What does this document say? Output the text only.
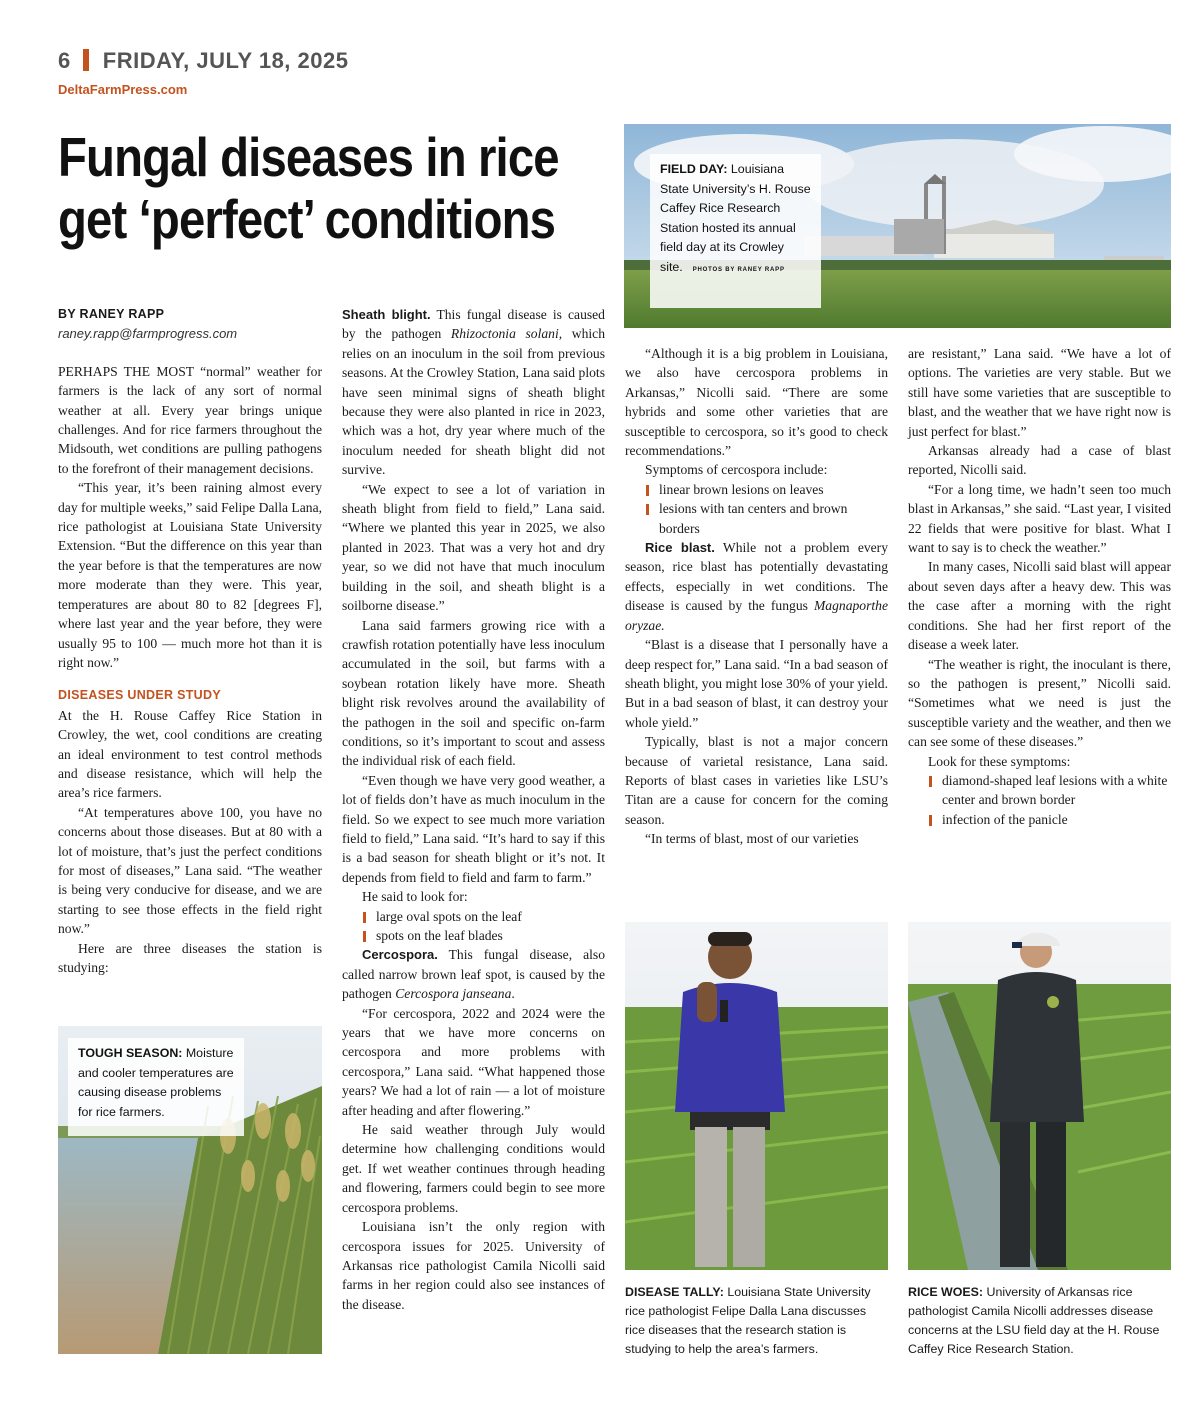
6 FRIDAY, JULY 18, 2025
DeltaFarmPress.com
Fungal diseases in rice
get ‘perfect’ conditions
FIELD DAY: Louisiana State University’s H. Rouse Caffey Rice Research Station hosted its annual field day at its Crowley site. PHOTOS BY RANEY RAPP
BY RANEY RAPP
raney.rapp@farmprogress.com

PERHAPS THE MOST “normal” weather for farmers is the lack of any sort of normal weather at all. Every year brings unique challenges. And for rice farmers throughout the Midsouth, wet conditions are pulling pathogens to the forefront of their management decisions.

“This year, it’s been raining almost every day for multiple weeks,” said Felipe Dalla Lana, rice pathologist at Louisiana State University Extension. “But the difference on this year than the year before is that the temperatures are now more moderate than they were. This year, temperatures are about 80 to 82 [degrees F], where last year and the year before, they were usually 95 to 100 — much more hot than it is right now.”

DISEASES UNDER STUDY

At the H. Rouse Caffey Rice Station in Crowley, the wet, cool conditions are creating an ideal environment to test control methods and disease resistance, which will help the area’s rice farmers.

“At temperatures above 100, you have no concerns about those diseases. But at 80 with a lot of moisture, that’s just the perfect conditions for most of diseases,” Lana said. “The weather is being very conducive for disease, and we are starting to see those effects in the field right now.”

Here are three diseases the station is studying:

TOUGH SEASON: Moisture and cooler temperatures are causing disease problems for rice farmers.

Sheath blight. This fungal disease is caused by the pathogen Rhizoctonia solani, which relies on an inoculum in the soil from previous seasons. At the Crowley Station, Lana said plots have seen minimal signs of sheath blight because they were also planted in rice in 2023, which was a hot, dry year where much of the inoculum needed for sheath blight did not survive.

“We expect to see a lot of variation in sheath blight from field to field,” Lana said. “Where we planted this year in 2025, we also planted in 2023. That was a very hot and dry year, so we did not have that much inoculum building in the soil, and sheath blight is a soilborne disease.”

Lana said farmers growing rice with a crawfish rotation potentially have less inoculum accumulated in the soil, but farms with a soybean rotation likely have more. Sheath blight risk revolves around the availability of the pathogen in the soil and specific on-farm conditions, so it’s important to scout and assess the individual risk of each field.

“Even though we have very good weather, a lot of fields don’t have as much inoculum in the field. So we expect to see much more variation field to field,” Lana said. “It’s hard to say if this is a bad season for sheath blight or it’s not. It depends from field to field and farm to farm.”

He said to look for:

large oval spots on the leaf

spots on the leaf blades

Cercospora. This fungal disease, also called narrow brown leaf spot, is caused by the pathogen Cercospora janseana.

“For cercospora, 2022 and 2024 were the years that we have more concerns on cercospora and more problems with cercospora,” Lana said. “What happened those years? We had a lot of rain — a lot of moisture after heading and after flowering.”

He said weather through July would determine how challenging conditions would get. If wet weather continues through heading and flowering, farmers could begin to see more cercospora problems.

Louisiana isn’t the only region with cercospora issues for 2025. University of Arkansas rice pathologist Camila Nicolli said farms in her region could also see instances of the disease.

“Although it is a big problem in Louisiana, we also have cercospora problems in Arkansas,” Nicolli said. “There are some hybrids and some other varieties that are susceptible to cercospora, so it’s good to check recommendations.”

Symptoms of cercospora include:

linear brown lesions on leaves

lesions with tan centers and brown borders

Rice blast. While not a problem every season, rice blast has potentially devastating effects, especially in wet conditions. The disease is caused by the fungus Magnaporthe oryzae.

“Blast is a disease that I personally have a deep respect for,” Lana said. “In a bad season of sheath blight, you might lose 30% of your yield. But in a bad season of blast, it can destroy your whole yield.”

Typically, blast is not a major concern because of varietal resistance, Lana said. Reports of blast cases in varieties like LSU’s Titan are a cause for concern for the coming season.

“In terms of blast, most of our varieties

are resistant,” Lana said. “We have a lot of options. The varieties are very stable. But we still have some varieties that are susceptible to blast, and the weather that we have right now is just perfect for blast.”

Arkansas already had a case of blast reported, Nicolli said.

“For a long time, we hadn’t seen too much blast in Arkansas,” she said. “Last year, I visited 22 fields that were positive for blast. What I want to say is to check the weather.”

In many cases, Nicolli said blast will appear about seven days after a heavy dew. This was the case after a morning with the right conditions. She had her first report of the disease a week later.

“The weather is right, the inoculant is there, so the pathogen is present,” Nicolli said. “Sometimes what we need is just the susceptible variety and the weather, and then we can see some of these diseases.”

Look for these symptoms:

diamond-shaped leaf lesions with a white center and brown border

infection of the panicle

DISEASE TALLY: Louisiana State University rice pathologist Felipe Dalla Lana discusses rice diseases that the research station is studying to help the area’s farmers.
RICE WOES: University of Arkansas rice pathologist Camila Nicolli addresses disease concerns at the LSU field day at the H. Rouse Caffey Rice Research Station.
